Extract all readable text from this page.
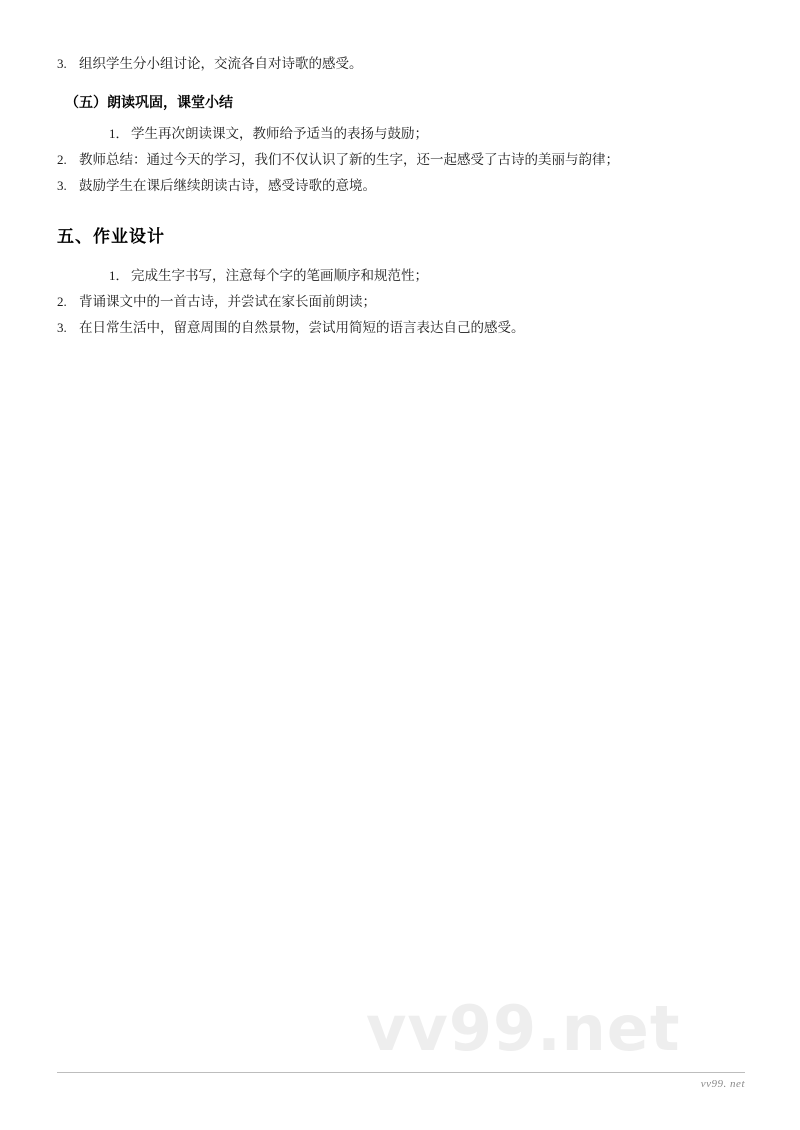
3. 组织学生分小组讨论，交流各自对诗歌的感受。
（五）朗读巩固，课堂小结
1． 学生再次朗读课文，教师给予适当的表扬与鼓励；
2. 教师总结：通过今天的学习，我们不仅认识了新的生字，还一起感受了古诗的美丽与韵律；
3. 鼓励学生在课后继续朗读古诗，感受诗歌的意境。
五、作业设计
1． 完成生字书写，注意每个字的笔画顺序和规范性；
2. 背诵课文中的一首古诗，并尝试在家长面前朗读；
3. 在日常生活中，留意周围的自然景物，尝试用简短的语言表达自己的感受。
vv99.net
vv99. net
